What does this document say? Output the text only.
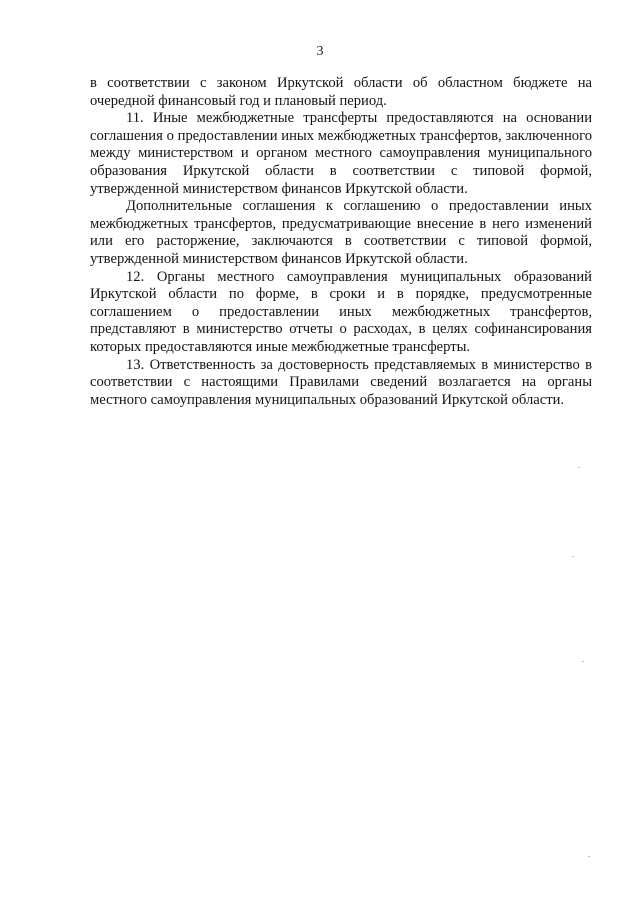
3

в соответствии с законом Иркутской области об областном бюджете на очередной финансовый год и плановый период.

11. Иные межбюджетные трансферты предоставляются на основании соглашения о предоставлении иных межбюджетных трансфертов, заключенного между министерством и органом местного самоуправления муниципального образования Иркутской области в соответствии с типовой формой, утвержденной министерством финансов Иркутской области.

Дополнительные соглашения к соглашению о предоставлении иных межбюджетных трансфертов, предусматривающие внесение в него изменений или его расторжение, заключаются в соответствии с типовой формой, утвержденной министерством финансов Иркутской области.

12. Органы местного самоуправления муниципальных образований Иркутской области по форме, в сроки и в порядке, предусмотренные соглашением о предоставлении иных межбюджетных трансфертов, представляют в министерство отчеты о расходах, в целях софинансирования которых предоставляются иные межбюджетные трансферты.

13. Ответственность за достоверность представляемых в министерство в соответствии с настоящими Правилами сведений возлагается на органы местного самоуправления муниципальных образований Иркутской области.
